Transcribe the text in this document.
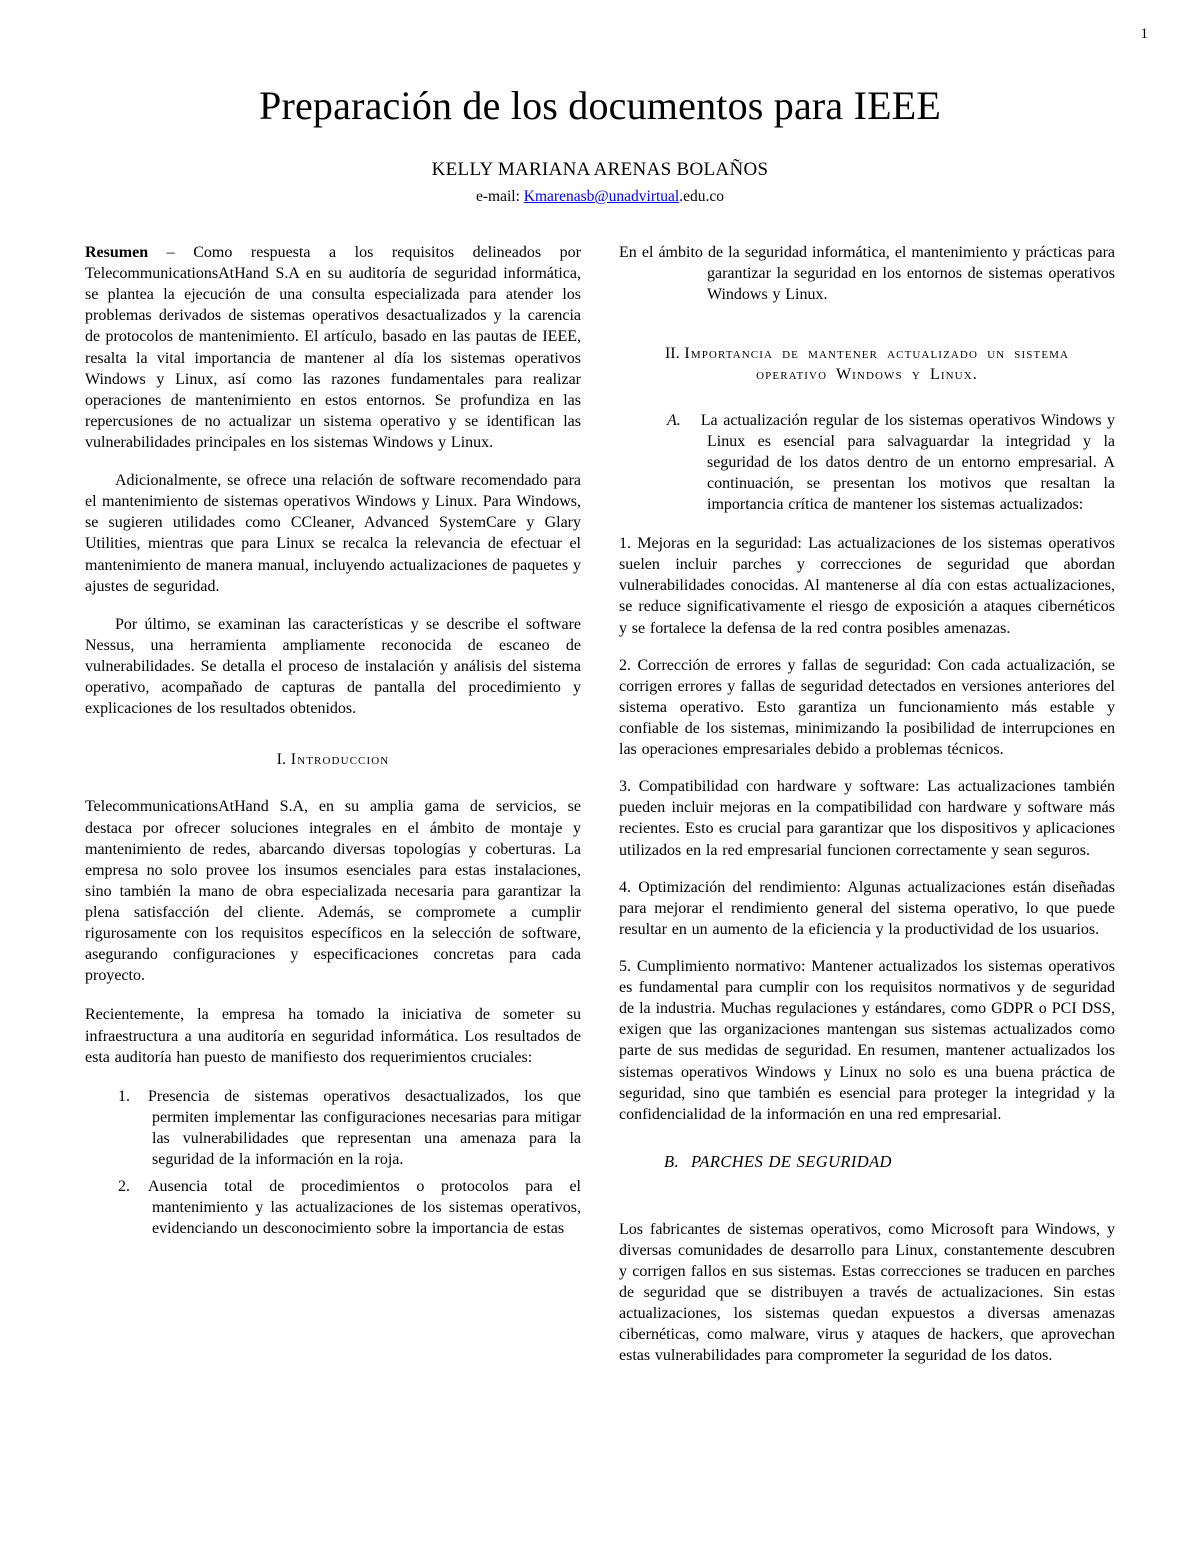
1
Preparación de los documentos para IEEE
KELLY MARIANA ARENAS BOLAÑOS
e-mail: Kmarenasb@unadvirtual.edu.co

Resumen – Como respuesta a los requisitos delineados por TelecommunicationsAtHand S.A en su auditoría de seguridad informática, se plantea la ejecución de una consulta especializada para atender los problemas derivados de sistemas operativos desactualizados y la carencia de protocolos de mantenimiento. El artículo, basado en las pautas de IEEE, resalta la vital importancia de mantener al día los sistemas operativos Windows y Linux, así como las razones fundamentales para realizar operaciones de mantenimiento en estos entornos. Se profundiza en las repercusiones de no actualizar un sistema operativo y se identifican las vulnerabilidades principales en los sistemas Windows y Linux.

Adicionalmente, se ofrece una relación de software recomendado para el mantenimiento de sistemas operativos Windows y Linux. Para Windows, se sugieren utilidades como CCleaner, Advanced SystemCare y Glary Utilities, mientras que para Linux se recalca la relevancia de efectuar el mantenimiento de manera manual, incluyendo actualizaciones de paquetes y ajustes de seguridad.

Por último, se examinan las características y se describe el software Nessus, una herramienta ampliamente reconocida de escaneo de vulnerabilidades. Se detalla el proceso de instalación y análisis del sistema operativo, acompañado de capturas de pantalla del procedimiento y explicaciones de los resultados obtenidos.

I. Introduccion

TelecommunicationsAtHand S.A, en su amplia gama de servicios, se destaca por ofrecer soluciones integrales en el ámbito de montaje y mantenimiento de redes, abarcando diversas topologías y coberturas. La empresa no solo provee los insumos esenciales para estas instalaciones, sino también la mano de obra especializada necesaria para garantizar la plena satisfacción del cliente. Además, se compromete a cumplir rigurosamente con los requisitos específicos en la selección de software, asegurando configuraciones y especificaciones concretas para cada proyecto.

Recientemente, la empresa ha tomado la iniciativa de someter su infraestructura a una auditoría en seguridad informática. Los resultados de esta auditoría han puesto de manifiesto dos requerimientos cruciales:

1. Presencia de sistemas operativos desactualizados, los que permiten implementar las configuraciones necesarias para mitigar las vulnerabilidades que representan una amenaza para la seguridad de la información en la roja.

2. Ausencia total de procedimientos o protocolos para el mantenimiento y las actualizaciones de los sistemas operativos, evidenciando un desconocimiento sobre la importancia de estas

En el ámbito de la seguridad informática, el mantenimiento y prácticas para garantizar la seguridad en los entornos de sistemas operativos Windows y Linux.

II. Importancia de mantener actualizado un sistema operativo Windows y Linux.

A. La actualización regular de los sistemas operativos Windows y Linux es esencial para salvaguardar la integridad y la seguridad de los datos dentro de un entorno empresarial. A continuación, se presentan los motivos que resaltan la importancia crítica de mantener los sistemas actualizados:

1. Mejoras en la seguridad: Las actualizaciones de los sistemas operativos suelen incluir parches y correcciones de seguridad que abordan vulnerabilidades conocidas. Al mantenerse al día con estas actualizaciones, se reduce significativamente el riesgo de exposición a ataques cibernéticos y se fortalece la defensa de la red contra posibles amenazas.

2. Corrección de errores y fallas de seguridad: Con cada actualización, se corrigen errores y fallas de seguridad detectados en versiones anteriores del sistema operativo. Esto garantiza un funcionamiento más estable y confiable de los sistemas, minimizando la posibilidad de interrupciones en las operaciones empresariales debido a problemas técnicos.

3. Compatibilidad con hardware y software: Las actualizaciones también pueden incluir mejoras en la compatibilidad con hardware y software más recientes. Esto es crucial para garantizar que los dispositivos y aplicaciones utilizados en la red empresarial funcionen correctamente y sean seguros.

4. Optimización del rendimiento: Algunas actualizaciones están diseñadas para mejorar el rendimiento general del sistema operativo, lo que puede resultar en un aumento de la eficiencia y la productividad de los usuarios.

5. Cumplimiento normativo: Mantener actualizados los sistemas operativos es fundamental para cumplir con los requisitos normativos y de seguridad de la industria. Muchas regulaciones y estándares, como GDPR o PCI DSS, exigen que las organizaciones mantengan sus sistemas actualizados como parte de sus medidas de seguridad. En resumen, mantener actualizados los sistemas operativos Windows y Linux no solo es una buena práctica de seguridad, sino que también es esencial para proteger la integridad y la confidencialidad de la información en una red empresarial.

B. PARCHES DE SEGURIDAD

Los fabricantes de sistemas operativos, como Microsoft para Windows, y diversas comunidades de desarrollo para Linux, constantemente descubren y corrigen fallos en sus sistemas. Estas correcciones se traducen en parches de seguridad que se distribuyen a través de actualizaciones. Sin estas actualizaciones, los sistemas quedan expuestos a diversas amenazas cibernéticas, como malware, virus y ataques de hackers, que aprovechan estas vulnerabilidades para comprometer la seguridad de los datos.
